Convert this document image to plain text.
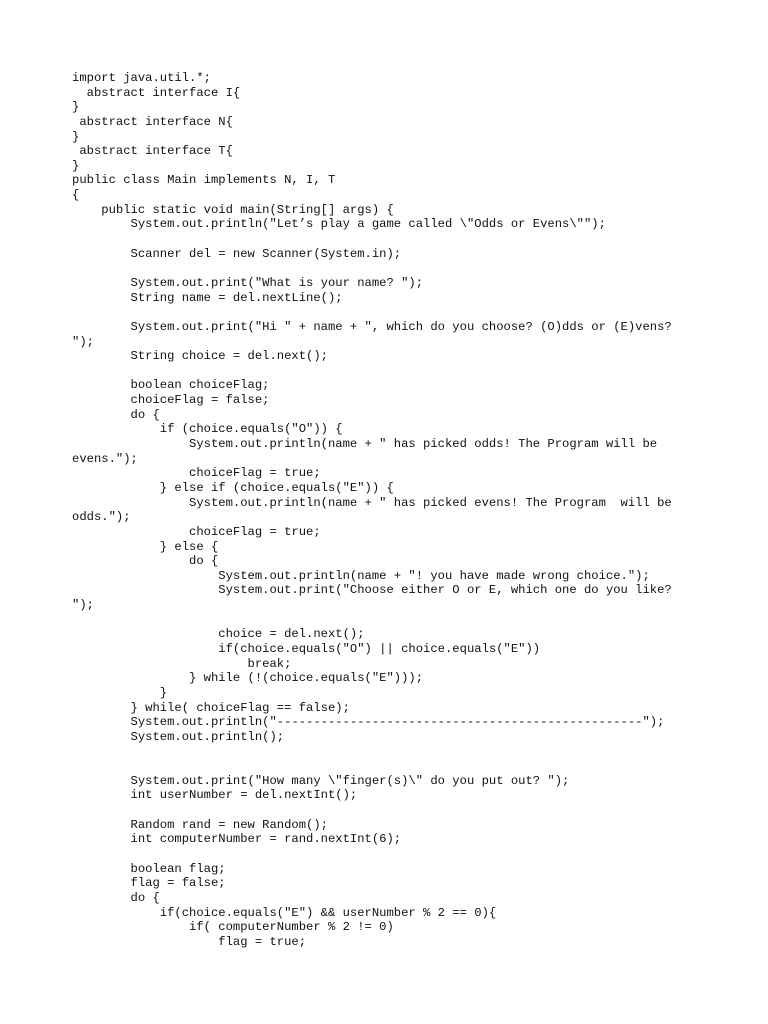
import java.util.*;
abstract interface I{
}
abstract interface N{
}
abstract interface T{
}
public class Main implements N, I, T
{
public static void main(String[] args) {
System.out.println("Let’s play a game called \"Odds or Evens\"");
Scanner del = new Scanner(System.in);
System.out.print("What is your name? ");
String name = del.nextLine();
System.out.print("Hi " + name + ", which do you choose? (O)dds or (E)vens?
");
String choice = del.next();
boolean choiceFlag;
choiceFlag = false;
do {
if (choice.equals("O")) {
System.out.println(name + " has picked odds! The Program will be
evens.");
choiceFlag = true;
} else if (choice.equals("E")) {
System.out.println(name + " has picked evens! The Program  will be
odds.");
choiceFlag = true;
} else {
do {
System.out.println(name + "! you have made wrong choice.");
System.out.print("Choose either O or E, which one do you like?
");
choice = del.next();
if(choice.equals("O") || choice.equals("E"))
break;
} while (!(choice.equals("E")));
}
} while( choiceFlag == false);
System.out.println("--------------------------------------------------");
System.out.println();
System.out.print("How many \"finger(s)\" do you put out? ");
int userNumber = del.nextInt();
Random rand = new Random();
int computerNumber = rand.nextInt(6);
boolean flag;
flag = false;
do {
if(choice.equals("E") && userNumber % 2 == 0){
if( computerNumber % 2 != 0)
flag = true;
